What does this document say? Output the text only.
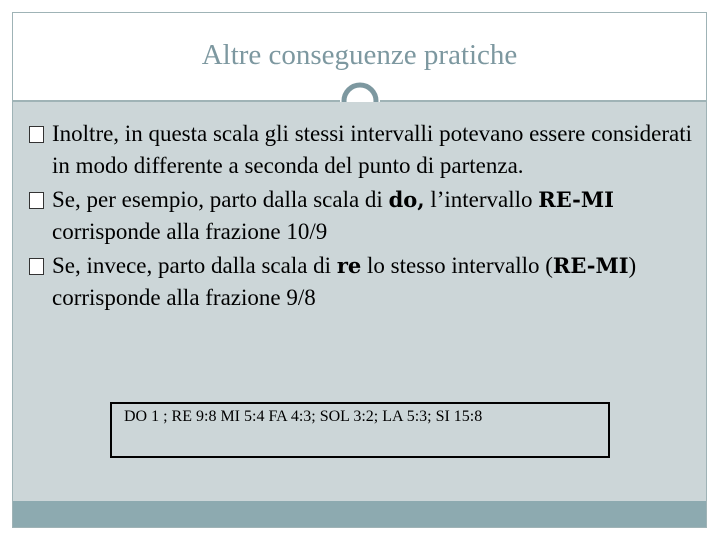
Altre conseguenze pratiche
Inoltre, in questa scala gli stessi intervalli potevano essere considerati in modo differente a seconda del punto di partenza.
Se, per esempio, parto dalla scala di do, l’intervallo RE-MI corrisponde alla frazione 10/9
Se, invece, parto dalla scala di re lo stesso intervallo (RE-MI) corrisponde alla frazione 9/8
DO 1 ; RE 9:8 MI 5:4 FA 4:3; SOL 3:2; LA 5:3; SI 15:8
